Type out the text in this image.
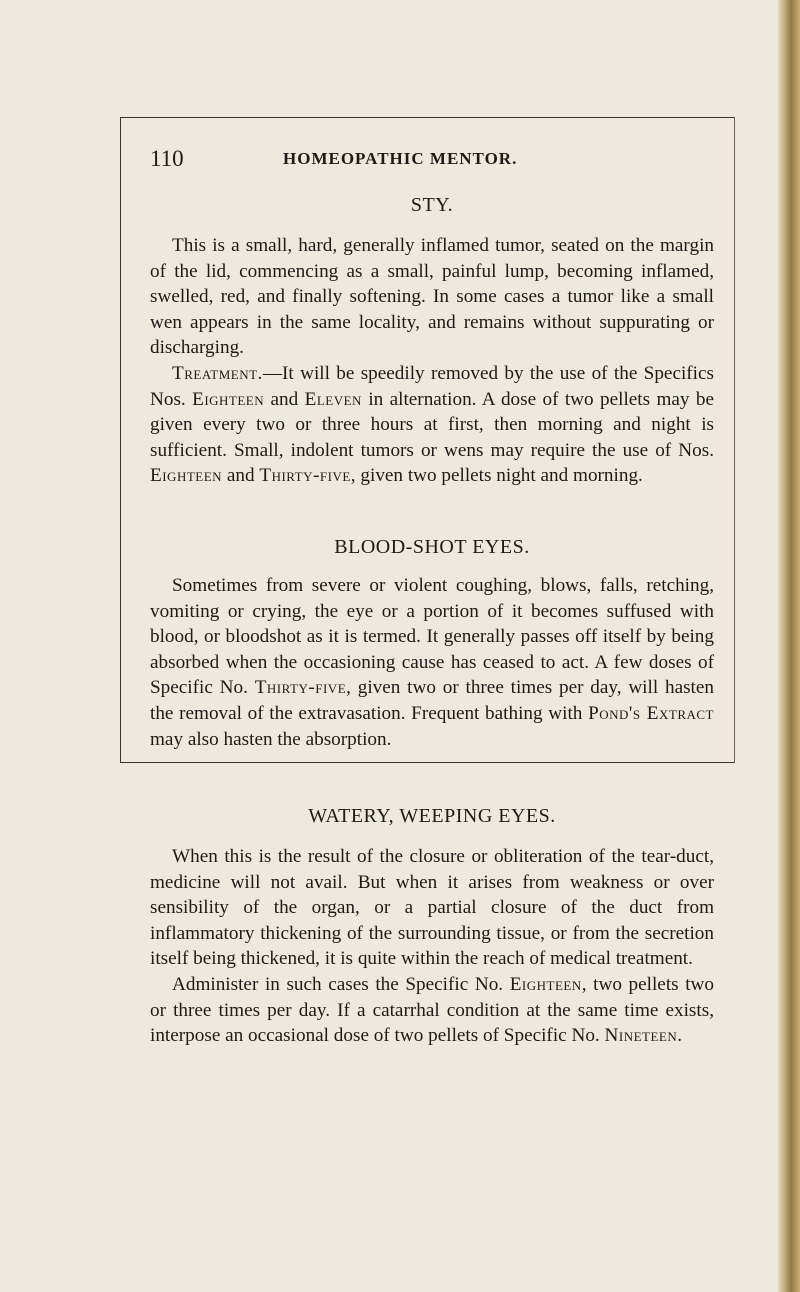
110	HOMEOPATHIC MENTOR.
STY.

This is a small, hard, generally inflamed tumor, seated on the margin of the lid, commencing as a small, painful lump, becoming inflamed, swelled, red, and finally softening. In some cases a tumor like a small wen appears in the same locality, and remains without suppurating or discharging.

Treatment.—It will be speedily removed by the use of the Specifics Nos. Eighteen and Eleven in alternation. A dose of two pellets may be given every two or three hours at first, then morning and night is sufficient. Small, indolent tumors or wens may require the use of Nos. Eighteen and Thirty-five, given two pellets night and morning.

BLOOD-SHOT EYES.

Sometimes from severe or violent coughing, blows, falls, retching, vomiting or crying, the eye or a portion of it becomes suffused with blood, or bloodshot as it is termed. It generally passes off itself by being absorbed when the occasioning cause has ceased to act. A few doses of Specific No. Thirty-five, given two or three times per day, will hasten the removal of the extravasation. Frequent bathing with Pond's Extract may also hasten the absorption.

WATERY, WEEPING EYES.

When this is the result of the closure or obliteration of the tear-duct, medicine will not avail. But when it arises from weakness or over sensibility of the organ, or a partial closure of the duct from inflammatory thickening of the surrounding tissue, or from the secretion itself being thickened, it is quite within the reach of medical treatment.

Administer in such cases the Specific No. Eighteen, two pellets two or three times per day. If a catarrhal condition at the same time exists, interpose an occasional dose of two pellets of Specific No. Nineteen.
